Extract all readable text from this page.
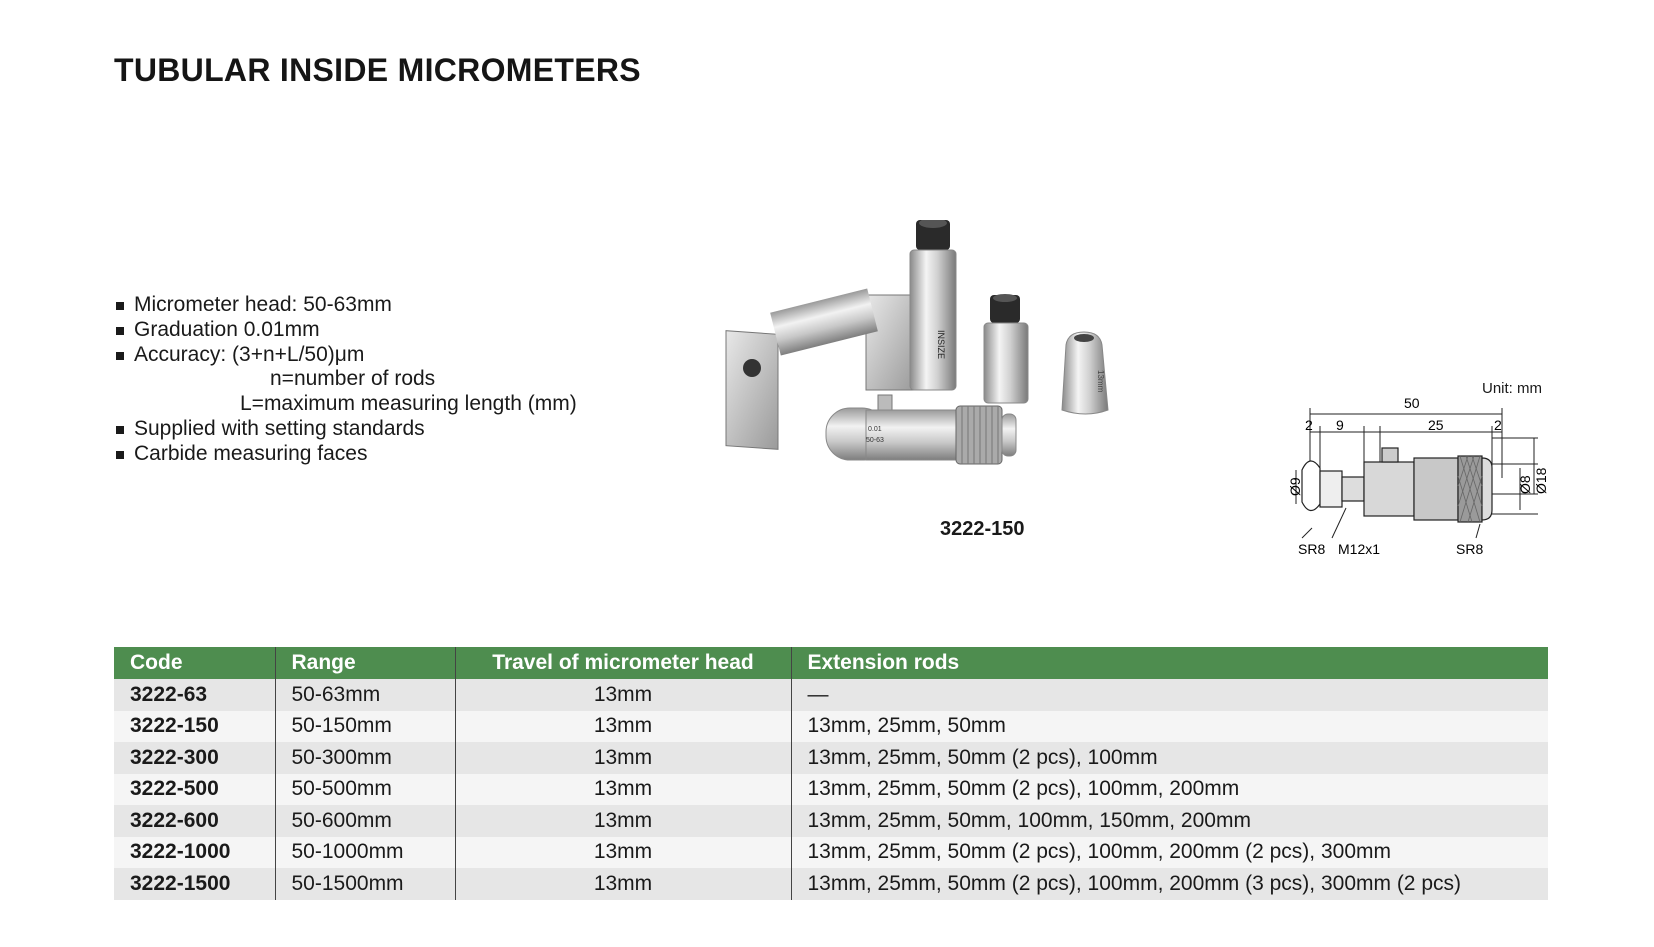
TUBULAR INSIDE MICROMETERS
Micrometer head: 50-63mm
Graduation 0.01mm
Accuracy: (3+n+L/50)μm
n=number of rods
L=maximum measuring length (mm)
Supplied with setting standards
Carbide measuring faces
INSIZE
13mm
0.01
50-63
3222-150
Unit: mm
50
2 9	25	2
Ø9	Ø8 Ø18
SR8 M12x1	SR8
Code	Range	Travel of micrometer head	Extension rods
3222-63	50-63mm	13mm	—
3222-150	50-150mm	13mm	13mm, 25mm, 50mm
3222-300	50-300mm	13mm	13mm, 25mm, 50mm (2 pcs), 100mm
3222-500	50-500mm	13mm	13mm, 25mm, 50mm (2 pcs), 100mm, 200mm
3222-600	50-600mm	13mm	13mm, 25mm, 50mm, 100mm, 150mm, 200mm
3222-1000	50-1000mm	13mm	13mm, 25mm, 50mm (2 pcs), 100mm, 200mm (2 pcs), 300mm
3222-1500	50-1500mm	13mm	13mm, 25mm, 50mm (2 pcs), 100mm, 200mm (3 pcs), 300mm (2 pcs)
